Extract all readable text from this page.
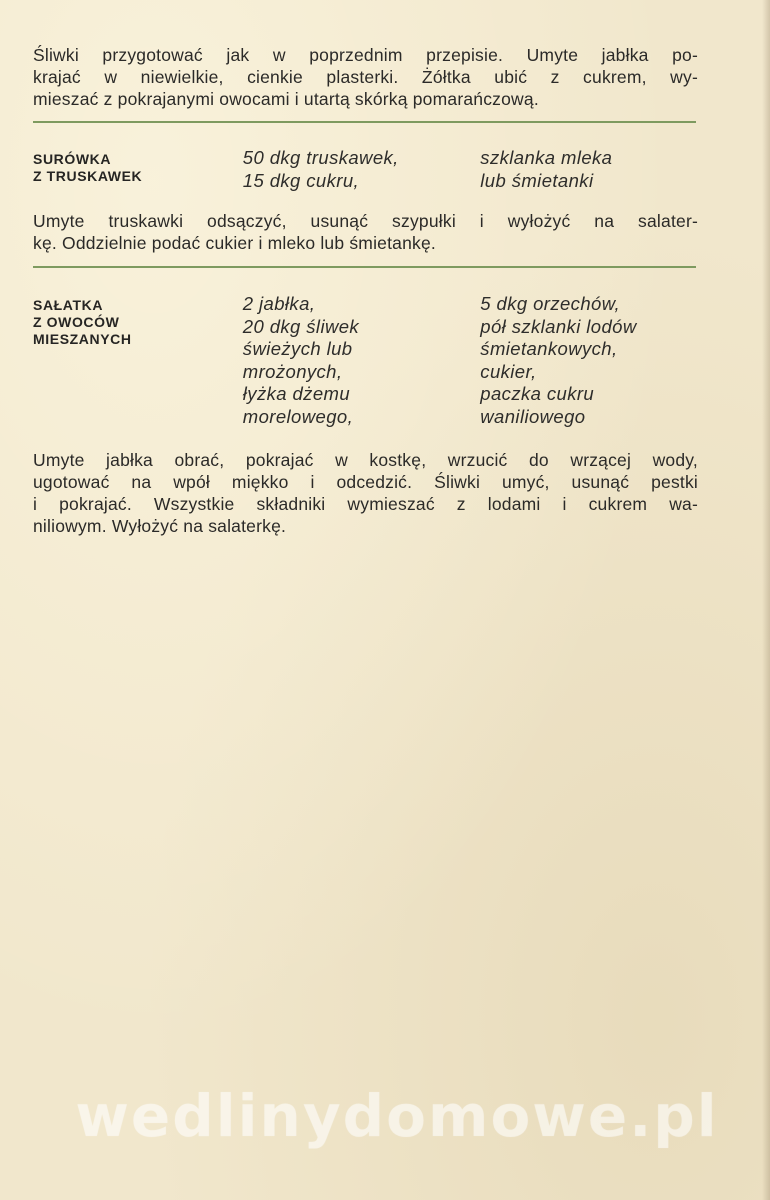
Śliwki przygotować jak w poprzednim przepisie. Umyte jabłka po-
krajać w niewielkie, cienkie plasterki. Żółtka ubić z cukrem, wy-
mieszać z pokrajanymi owocami i utartą skórką pomarańczową.

SURÓWKA
Z TRUSKAWEK
50 dkg truskawek,
15 dkg cukru,
szklanka mleka
lub śmietanki

Umyte truskawki odsączyć, usunąć szypułki i wyłożyć na salater-
kę. Oddzielnie podać cukier i mleko lub śmietankę.

SAŁATKA
Z OWOCÓW
MIESZANYCH
2 jabłka,
20 dkg śliwek
świeżych lub
mrożonych,
łyżka dżemu
morelowego,
5 dkg orzechów,
pół szklanki lodów
śmietankowych,
cukier,
paczka cukru
waniliowego

Umyte jabłka obrać, pokrajać w kostkę, wrzucić do wrzącej wody,
ugotować na wpół miękko i odcedzić. Śliwki umyć, usunąć pestki
i pokrajać. Wszystkie składniki wymieszać z lodami i cukrem wa-
niliowym. Wyłożyć na salaterkę.

wedlinydomowe.pl
